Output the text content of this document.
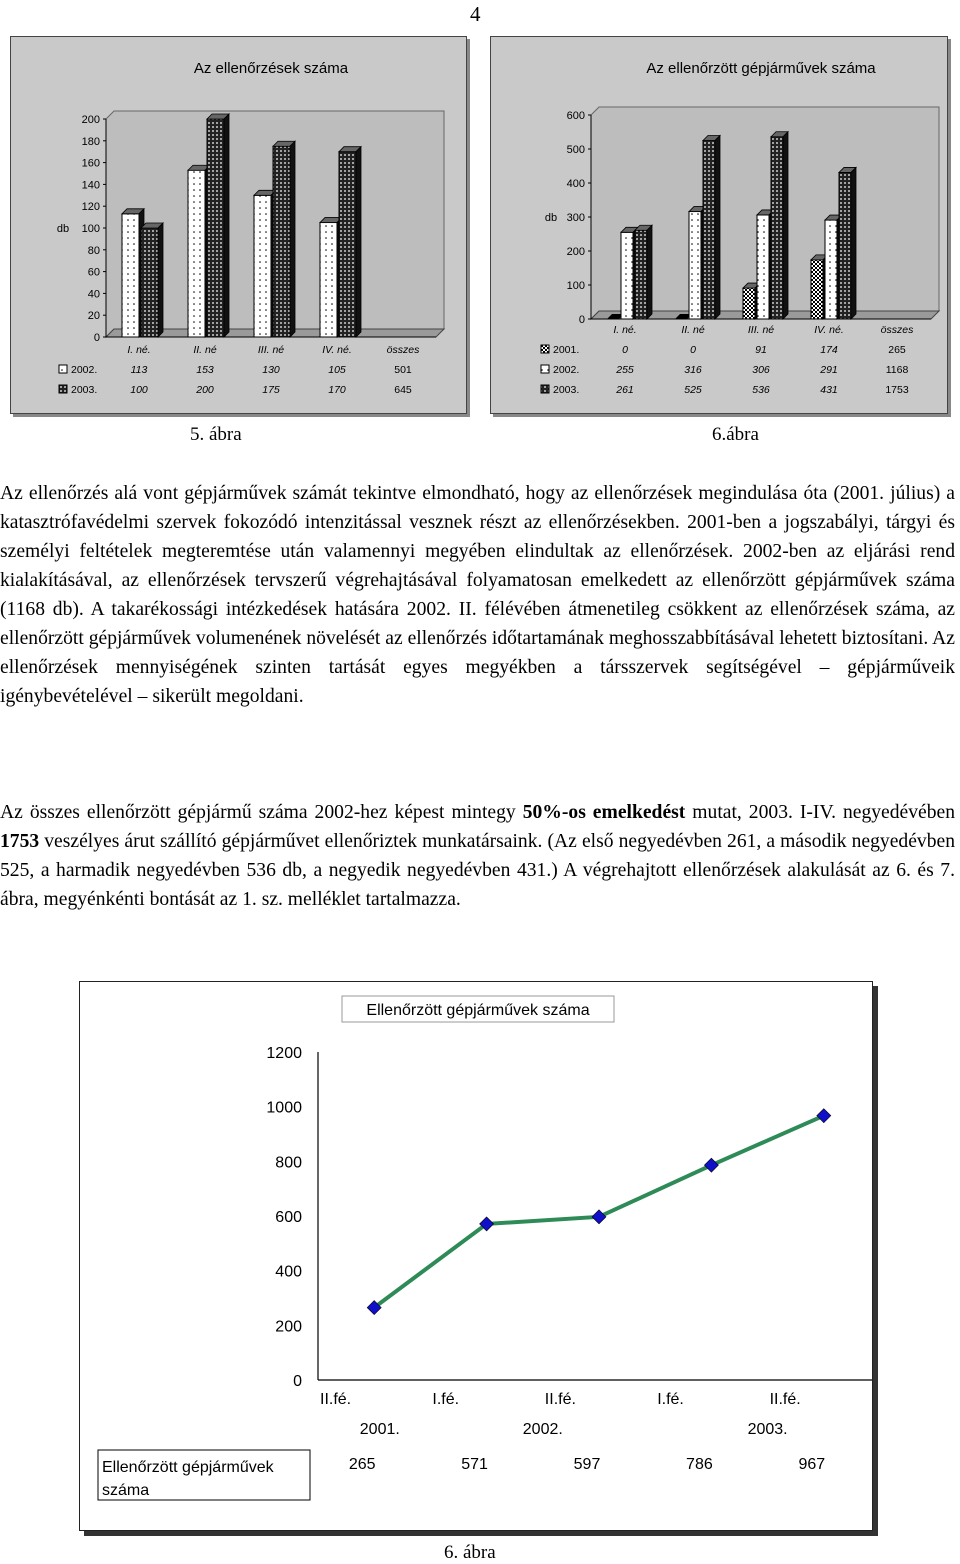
4
Az ellenőrzések száma
0
20
40
60
80
100
120
140
160
180
200
db
I. né.	II. né	III. né	IV. né.	összes
2002.	113	153	130	105	501
2003.	100	200	175	170	645
5. ábra
Az ellenőrzött gépjárművek száma
0
100
200
300
400
500
600
db
I. né.	II. né	III. né	IV. né.	összes
2001.	0	0	91	174	265
2002.	255	316	306	291	1168
2003.	261	525	536	431	1753
6.ábra

Az ellenőrzés alá vont gépjárművek számát tekintve elmondható, hogy az ellenőrzések megindulása óta (2001. július) a katasztrófavédelmi szervek fokozódó intenzitással vesznek részt az ellenőrzésekben. 2001-ben a jogszabályi, tárgyi és személyi feltételek megteremtése után valamennyi megyében elindultak az ellenőrzések. 2002-ben az eljárási rend kialakításával, az ellenőrzések tervszerű végrehajtásával folyamatosan emelkedett az ellenőrzött gépjárművek száma (1168 db). A takarékossági intézkedések hatására 2002. II. félévében átmenetileg csökkent az ellenőrzések száma, az ellenőrzött gépjárművek volumenének növelését az ellenőrzés időtartamának meghosszabbításával lehetett biztosítani. Az ellenőrzések mennyiségének szinten tartását egyes megyékben a társszervek segítségével – gépjárműveik igénybevételével – sikerült megoldani.

Az összes ellenőrzött gépjármű száma 2002-hez képest mintegy 50%-os emelkedést mutat, 2003. I-IV. negyedévében 1753 veszélyes árut szállító gépjárművet ellenőriztek munkatársaink. (Az első negyedévben 261, a második negyedévben 525, a harmadik negyedévben 536 db, a negyedik negyedévben 431.) A végrehajtott ellenőrzések alakulását az 6. és 7. ábra, megyénkénti bontását az 1. sz. melléklet tartalmazza.

Ellenőrzött gépjárművek száma
0
200
400
600
800
1000
1200
II.fé.	I.fé.	II.fé.	I.fé.	II.fé.
2001.	2002.	2003.
Ellenőrzött gépjárművek
száma
265	571	597	786	967
6. ábra
